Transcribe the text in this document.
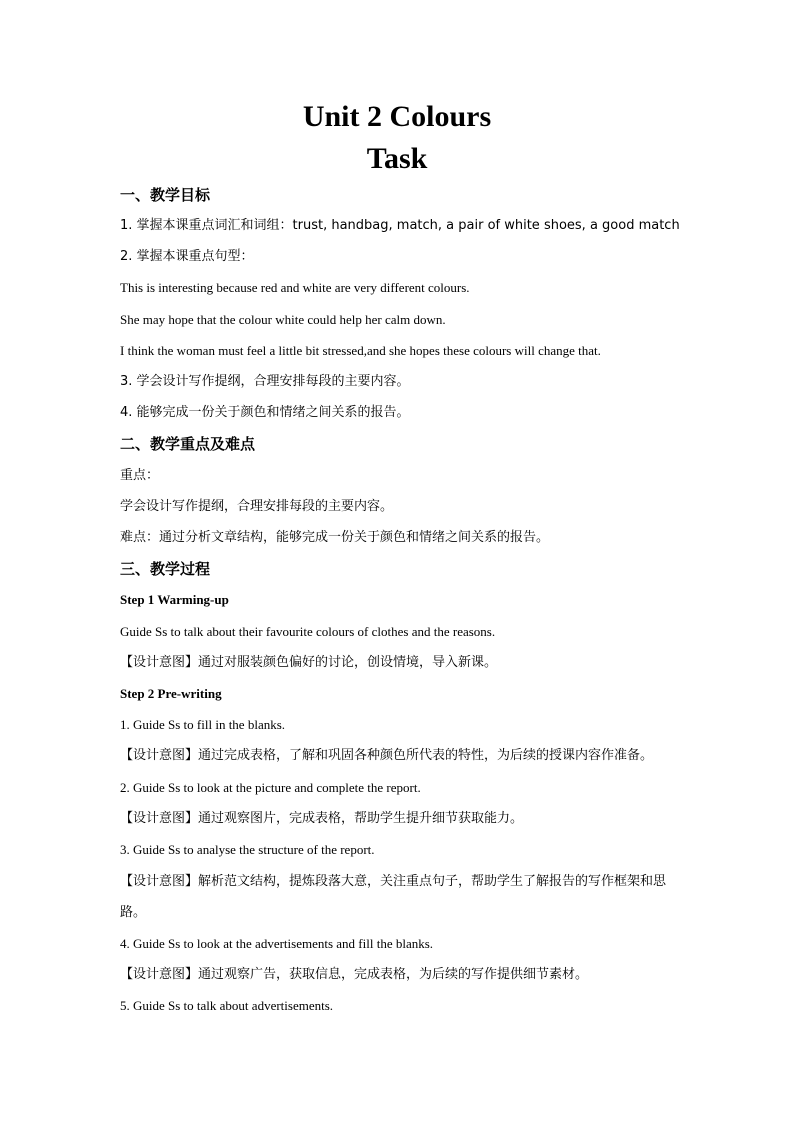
Unit 2 Colours
Task
一、教学目标
1. 掌握本课重点词汇和词组：trust, handbag, match, a pair of white shoes, a good match
2. 掌握本课重点句型：
This is interesting because red and white are very different colours.
She may hope that the colour white could help her calm down.
I think the woman must feel a little bit stressed,and she hopes these colours will change that.
3. 学会设计写作提纲，合理安排每段的主要内容。
4. 能够完成一份关于颜色和情绪之间关系的报告。
二、教学重点及难点
重点：
学会设计写作提纲，合理安排每段的主要内容。
难点：通过分析文章结构，能够完成一份关于颜色和情绪之间关系的报告。
三、教学过程
Step 1 Warming-up
Guide Ss to talk about their favourite colours of clothes and the reasons.
【设计意图】通过对服装颜色偏好的讨论，创设情境，导入新课。
Step 2 Pre-writing
1. Guide Ss to fill in the blanks.
【设计意图】通过完成表格，了解和巩固各种颜色所代表的特性，为后续的授课内容作准备。
2. Guide Ss to look at the picture and complete the report.
【设计意图】通过观察图片，完成表格，帮助学生提升细节获取能力。
3. Guide Ss to analyse the structure of the report.
【设计意图】解析范文结构，提炼段落大意，关注重点句子，帮助学生了解报告的写作框架和思路。
4. Guide Ss to look at the advertisements and fill the blanks.
【设计意图】通过观察广告，获取信息，完成表格，为后续的写作提供细节素材。
5. Guide Ss to talk about advertisements.
